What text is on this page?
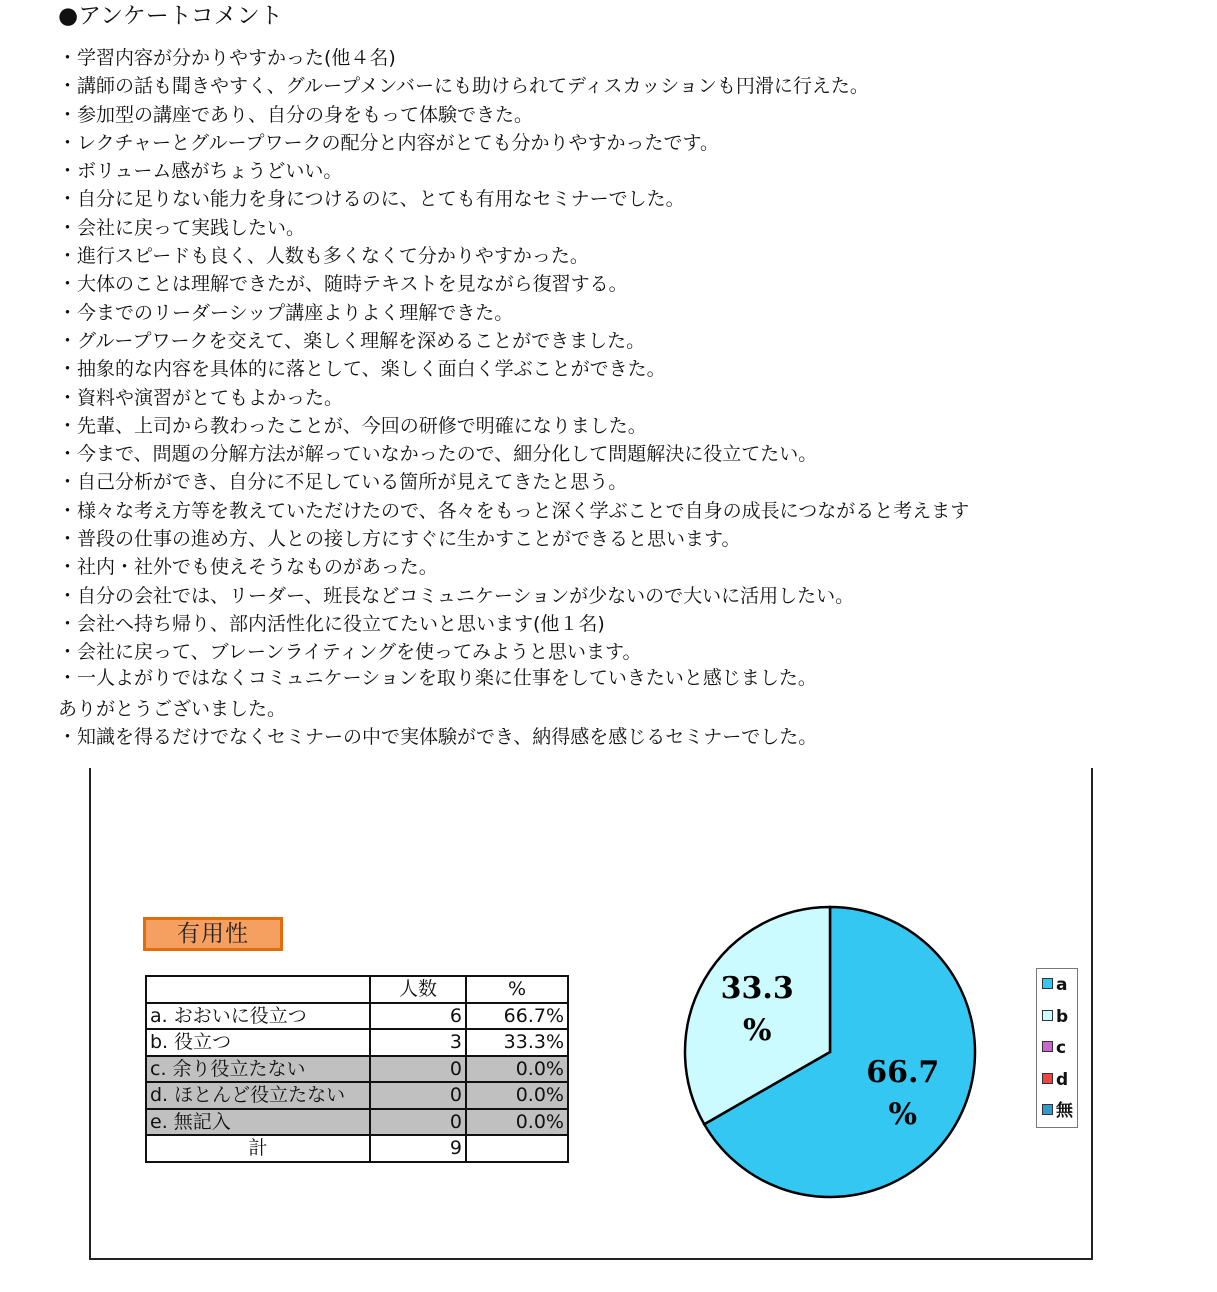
●アンケートコメント
・学習内容が分かりやすかった(他４名)
・講師の話も聞きやすく、グループメンバーにも助けられてディスカッションも円滑に行えた。
・参加型の講座であり、自分の身をもって体験できた。
・レクチャーとグループワークの配分と内容がとても分かりやすかったです。
・ボリューム感がちょうどいい。
・自分に足りない能力を身につけるのに、とても有用なセミナーでした。
・会社に戻って実践したい。
・進行スピードも良く、人数も多くなくて分かりやすかった。
・大体のことは理解できたが、随時テキストを見ながら復習する。
・今までのリーダーシップ講座よりよく理解できた。
・グループワークを交えて、楽しく理解を深めることができました。
・抽象的な内容を具体的に落として、楽しく面白く学ぶことができた。
・資料や演習がとてもよかった。
・先輩、上司から教わったことが、今回の研修で明確になりました。
・今まで、問題の分解方法が解っていなかったので、細分化して問題解決に役立てたい。
・自己分析ができ、自分に不足している箇所が見えてきたと思う。
・様々な考え方等を教えていただけたので、各々をもっと深く学ぶことで自身の成長につながると考えます
・普段の仕事の進め方、人との接し方にすぐに生かすことができると思います。
・社内・社外でも使えそうなものがあった。
・自分の会社では、リーダー、班長などコミュニケーションが少ないので大いに活用したい。
・会社へ持ち帰り、部内活性化に役立てたいと思います(他１名)
・会社に戻って、ブレーンライティングを使ってみようと思います。
・一人よがりではなくコミュニケーションを取り楽に仕事をしていきたいと感じました。
ありがとうございました。
・知識を得るだけでなくセミナーの中で実体験ができ、納得感を感じるセミナーでした。
有用性
	人数	%
a. おおいに役立つ	6	66.7%
b. 役立つ	3	33.3%
c. 余り役立たない	0	0.0%
d. ほとんど役立たない	0	0.0%
e. 無記入	0	0.0%
計	9	
66.7 %
33.3 %
a
b
c
d
無
